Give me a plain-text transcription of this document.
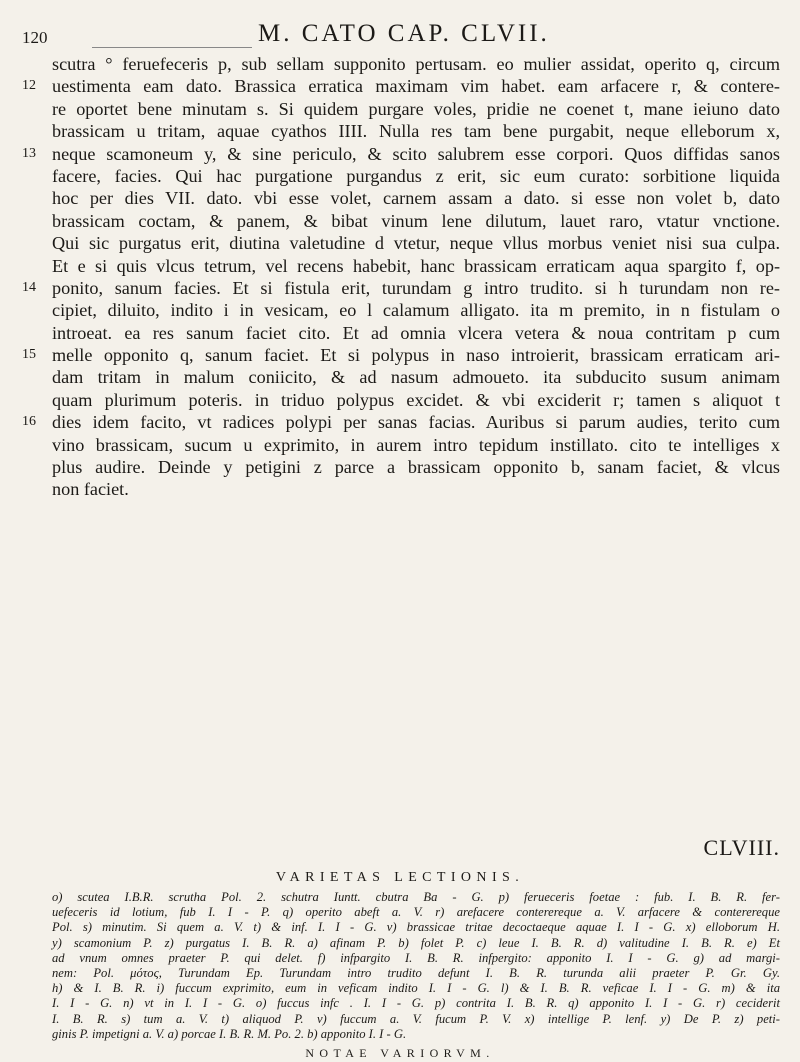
120	M. CATO CAP. CLVII.
scutra ° feruefeceris p, sub sellam supponito pertusam. eo mulier assidat, operito q, circum
12 uestimenta eam dato. Brassica erratica maximam vim habet. eam arfacere r, & contere-
re oportet bene minutam s. Si quidem purgare voles, pridie ne coenet t, mane ieiuno dato
brassicam u tritam, aquae cyathos IIII. Nulla res tam bene purgabit, neque elleborum x,
13 neque scamoneum y, & sine periculo, & scito salubrem esse corpori. Quos diffidas sanos
facere, facies. Qui hac purgatione purgandus z erit, sic eum curato: sorbitione liquida
hoc per dies VII. dato. vbi esse volet, carnem assam a dato. si esse non volet b, dato
brassicam coctam, & panem, & bibat vinum lene dilutum, lauet raro, vtatur vnctione.
Qui sic purgatus erit, diutina valetudine d vtetur, neque vllus morbus veniet nisi sua culpa.
Et e si quis vlcus tetrum, vel recens habebit, hanc brassicam erraticam aqua spargito f, op-
14 ponito, sanum facies. Et si fistula erit, turundam g intro trudito. si h turundam non re-
cipiet, diluito, indito i in vesicam, eo l calamum alligato. ita m premito, in n fistulam o
introeat. ea res sanum faciet cito. Et ad omnia vlcera vetera & noua contritam p cum
15 melle opponito q, sanum faciet. Et si polypus in naso introierit, brassicam erraticam ari-
dam tritam in malum coniicito, & ad nasum admoueto. ita subducito susum animam
quam plurimum poteris. in triduo polypus excidet. & vbi exciderit r; tamen s aliquot t
16 dies idem facito, vt radices polypi per sanas facias. Auribus si parum audies, terito cum
vino brassicam, sucum u exprimito, in aurem intro tepidum instillato. cito te intelliges x
plus audire. Deinde y petigini z parce a brassicam opponito b, sanam faciet, & vlcus
non faciet.
CLVIII.
VARIETAS LECTIONIS.
o) scutea I.B.R. scrutha Pol. 2. schutra Iuntt. cbutra Ba - G. p) ferueceris foetae : fub. I. B. R. fer-
uefeceris id lotium, fub I. I - P. q) operito abeft a. V. r) arefacere contererequе a. V. arfacere & contererequе
Pol. s) minutim. Si quem a. V. t) & inf. I. I - G. v) brassicae tritae decoctaeque aquae I. I - G. x) elloborum H.
y) scamonium P. z) purgatus I. B. R. a) afinam P. b) folet P. c) leue I. B. R. d) valitudine I. B. R. e) Et
ad vnum omnes praeter P. qui delet. f) infpargito I. B. R. infpergito: apponito I. I - G. g) ad margi-
nem: Pol. μότος, Turundam Ep. Turundam intro trudito defunt I. B. R. turunda alii praeter P. Gr. Gy.
h) & I. B. R. i) fuccum exprimito, eum in veficam indito I. I - G. l) & I. B. R. veficae I. I - G. m) & ita
I. I - G. n) vt in I. I - G. o) fuccus infc . I. I - G. p) contrita I. B. R. q) apponito I. I - G. r) ceciderit
I. B. R. s) tum a. V. t) aliquod P. v) fuccum a. V. fucum P. V. x) intellige P. lenf. y) De P. z) peti-
ginis P. impetigni a. V. a) porcae I. B. R. M. Po. 2. b) apponito I. I - G.
NOTAE VARIORVM.
